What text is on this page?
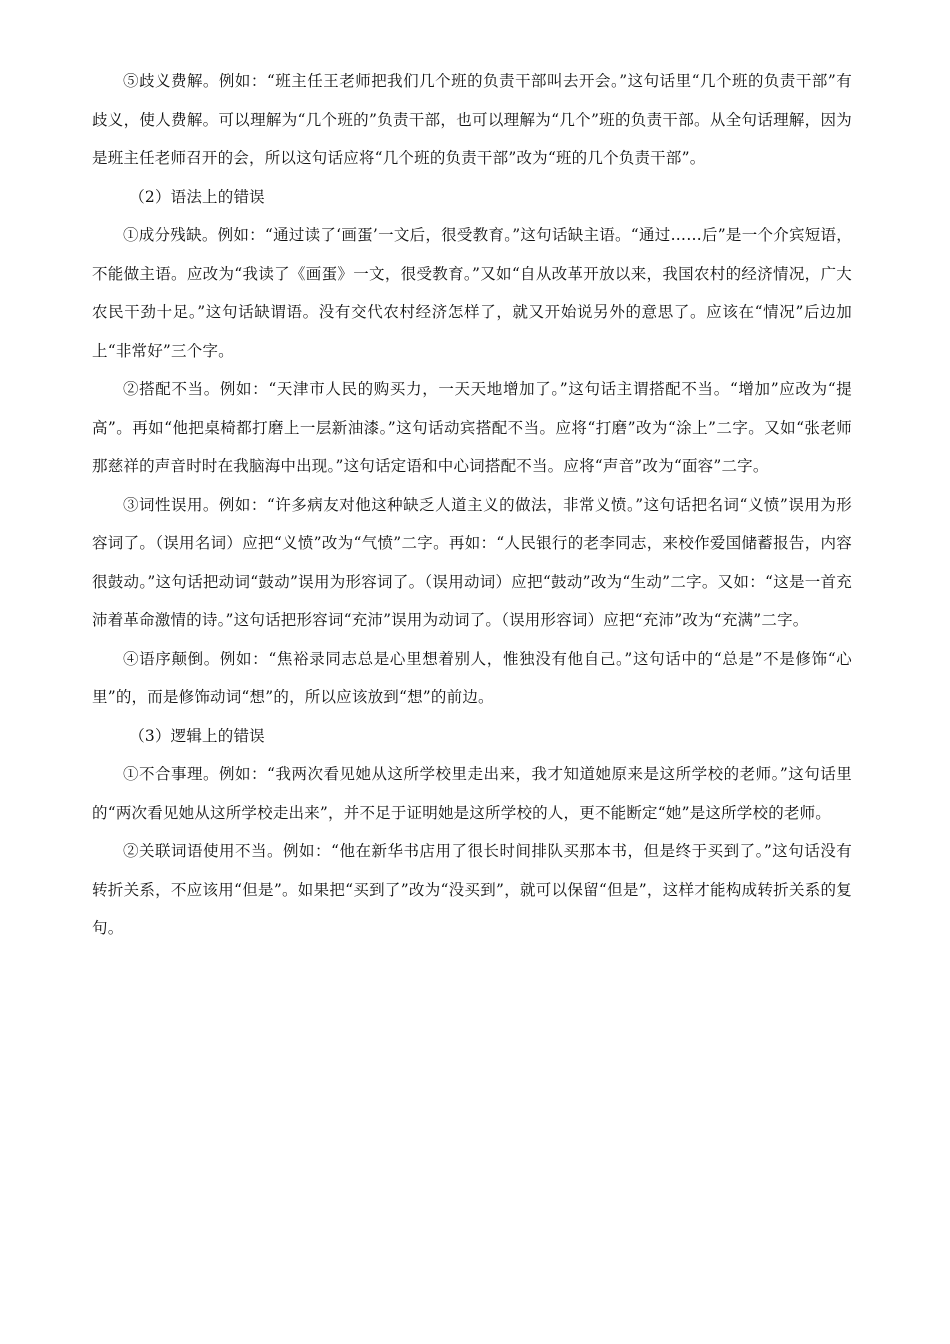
⑤歧义费解。例如：“班主任王老师把我们几个班的负责干部叫去开会。”这句话里“几个班的负责干部”有歧义，使人费解。可以理解为“几个班的”负责干部，也可以理解为“几个”班的负责干部。从全句话理解，因为是班主任老师召开的会，所以这句话应将“几个班的负责干部”改为“班的几个负责干部”。

（2）语法上的错误

①成分残缺。例如：“通过读了‘画蛋’一文后，很受教育。”这句话缺主语。“通过……后”是一个介宾短语，不能做主语。应改为“我读了《画蛋》一文，很受教育。”又如“自从改革开放以来，我国农村的经济情况，广大农民干劲十足。”这句话缺谓语。没有交代农村经济怎样了，就又开始说另外的意思了。应该在“情况”后边加上“非常好”三个字。

②搭配不当。例如：“天津市人民的购买力，一天天地增加了。”这句话主谓搭配不当。“增加”应改为“提高”。再如“他把桌椅都打磨上一层新油漆。”这句话动宾搭配不当。应将“打磨”改为“涂上”二字。又如“张老师那慈祥的声音时时在我脑海中出现。”这句话定语和中心词搭配不当。应将“声音”改为“面容”二字。

③词性误用。例如：“许多病友对他这种缺乏人道主义的做法，非常义愤。”这句话把名词“义愤”误用为形容词了。（误用名词）应把“义愤”改为“气愤”二字。再如：“人民银行的老李同志，来校作爱国储蓄报告，内容很鼓动。”这句话把动词“鼓动”误用为形容词了。（误用动词）应把“鼓动”改为“生动”二字。又如：“这是一首充沛着革命激情的诗。”这句话把形容词“充沛”误用为动词了。（误用形容词）应把“充沛”改为“充满”二字。

④语序颠倒。例如：“焦裕录同志总是心里想着别人，惟独没有他自己。”这句话中的“总是”不是修饰“心里”的，而是修饰动词“想”的，所以应该放到“想”的前边。

（3）逻辑上的错误

①不合事理。例如：“我两次看见她从这所学校里走出来，我才知道她原来是这所学校的老师。”这句话里的“两次看见她从这所学校走出来”，并不足于证明她是这所学校的人，更不能断定“她”是这所学校的老师。

②关联词语使用不当。例如：“他在新华书店用了很长时间排队买那本书，但是终于买到了。”这句话没有转折关系，不应该用“但是”。如果把“买到了”改为“没买到”，就可以保留“但是”，这样才能构成转折关系的复句。
